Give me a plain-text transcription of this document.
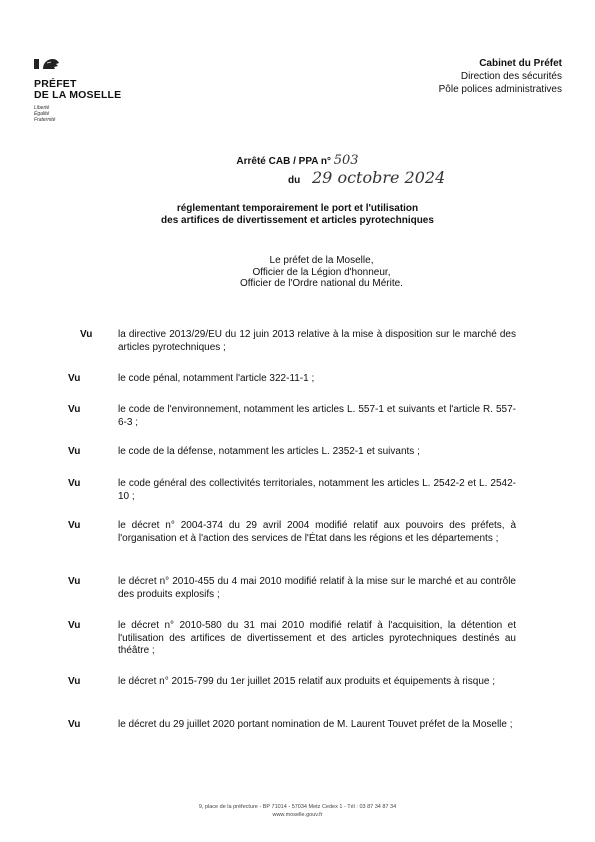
PRÉFET
DE LA MOSELLE
Liberté
Égalité
Fraternité
Cabinet du Préfet
Direction des sécurités
Pôle polices administratives
Arrêté CAB / PPA n° 503
du 29 octobre 2024
réglementant temporairement le port et l'utilisation
des artifices de divertissement et articles pyrotechniques
Le préfet de la Moselle,
Officier de la Légion d'honneur,
Officier de l'Ordre national du Mérite.
Vu	la directive 2013/29/EU du 12 juin 2013 relative à la mise à disposition sur le marché des articles pyrotechniques ;
Vu	le code pénal, notamment l'article 322-11-1 ;
Vu	le code de l'environnement, notamment les articles L. 557-1 et suivants et l'article R. 557-6-3 ;
Vu	le code de la défense, notamment les articles L. 2352-1 et suivants ;
Vu	le code général des collectivités territoriales, notamment les articles L. 2542-2 et L. 2542-10 ;
Vu	le décret n° 2004-374 du 29 avril 2004 modifié relatif aux pouvoirs des préfets, à l'organisation et à l'action des services de l'État dans les régions et les départements ;
Vu	le décret n° 2010-455 du 4 mai 2010 modifié relatif à la mise sur le marché et au contrôle des produits explosifs ;
Vu	le décret n° 2010-580 du 31 mai 2010 modifié relatif à l'acquisition, la détention et l'utilisation des artifices de divertissement et des articles pyrotechniques destinés au théâtre ;
Vu	le décret n° 2015-799 du 1er juillet 2015 relatif aux produits et équipements à risque ;
Vu	le décret du 29 juillet 2020 portant nomination de M. Laurent Touvet préfet de la Moselle ;
9, place de la préfecture - BP 71014 - 57034 Metz Cedex 1 - Tél : 03 87 34 87 34
www.moselle.gouv.fr
